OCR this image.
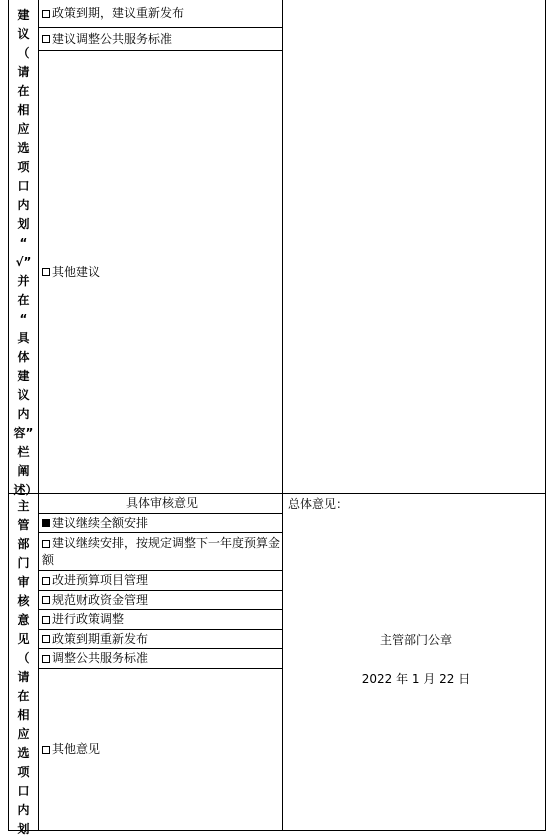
建
议
（
请
在
相
应
选
项
口
内
划
“
√”
并
在
“
具
体
建
议
内
容”
栏
阐
述）
政策到期，建议重新发布
建议调整公共服务标准
其他建议
主
管
部
门
审
核
意
见
（
请
在
相
应
选
项
口
内
划
具体审核意见
建议继续全额安排
建议继续安排，按规定调整下一年度预算金额
改进预算项目管理
规范财政资金管理
进行政策调整
政策到期重新发布
调整公共服务标准
其他意见
总体意见：
主管部门公章
2022 年 1 月 22 日
